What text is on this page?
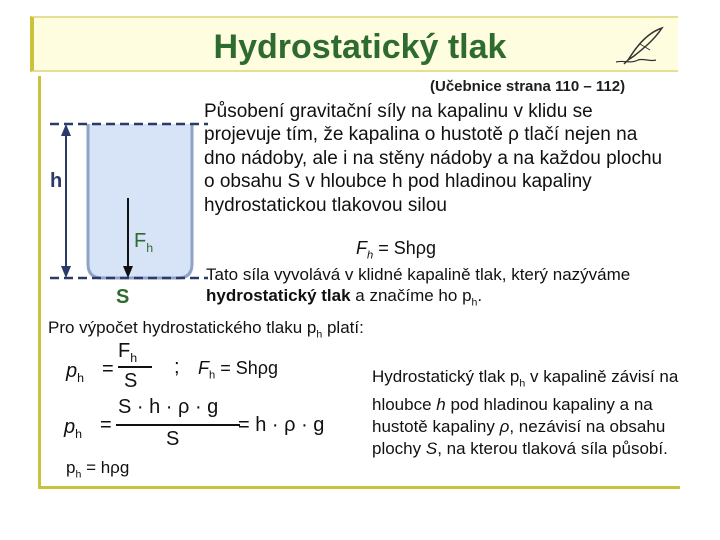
Hydrostatický tlak
(Učebnice strana 110 – 112)
h
$F_h$
S
Působení gravitační síly na kapalinu v klidu se projevuje tím, že kapalina o hustotě ρ tlačí nejen na dno nádoby, ale i na stěny nádoby a na každou plochu o obsahu S v hloubce h pod hladinou kapaliny hydrostatickou tlakovou silou
$F_h = Sh\rho g$
Tato síla vyvolává v klidné kapalině tlak, který nazýváme hydrostatický tlak a značíme ho $p_h$.
Pro výpočet hydrostatického tlaku $p_h$ platí:
$p_h$ =
$F_h$
S
; $F_h = Sh\rho g$
$p_h$ =
S · h · ρ · g
S
= h · ρ · g
$p_h = h\rho g$
Hydrostatický tlak $p_h$ v kapalině závisí na hloubce h pod hladinou kapaliny a na hustotě kapaliny ρ, nezávisí na obsahu plochy S, na kterou tlaková síla působí.
